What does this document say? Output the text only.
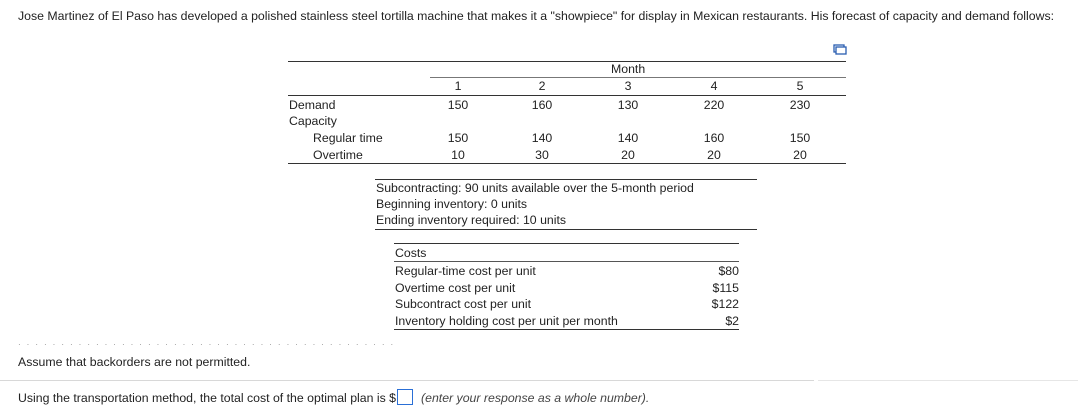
Jose Martinez of El Paso has developed a polished stainless steel tortilla machine that makes it a "showpiece" for display in Mexican restaurants. His forecast of capacity and demand follows:
Month
1	2	3	4	5
Demand	150	160	130	220	230
Capacity
Regular time	150	140	140	160	150
Overtime	10	30	20	20	20
Subcontracting: 90 units available over the 5-month period
Beginning inventory: 0 units
Ending inventory required: 10 units
Costs
Regular-time cost per unit	$80
Overtime cost per unit	$115
Subcontract cost per unit	$122
Inventory holding cost per unit per month	$2
············································
Assume that backorders are not permitted.
Using the transportation method, the total cost of the optimal plan is $ (enter your response as a whole number).
